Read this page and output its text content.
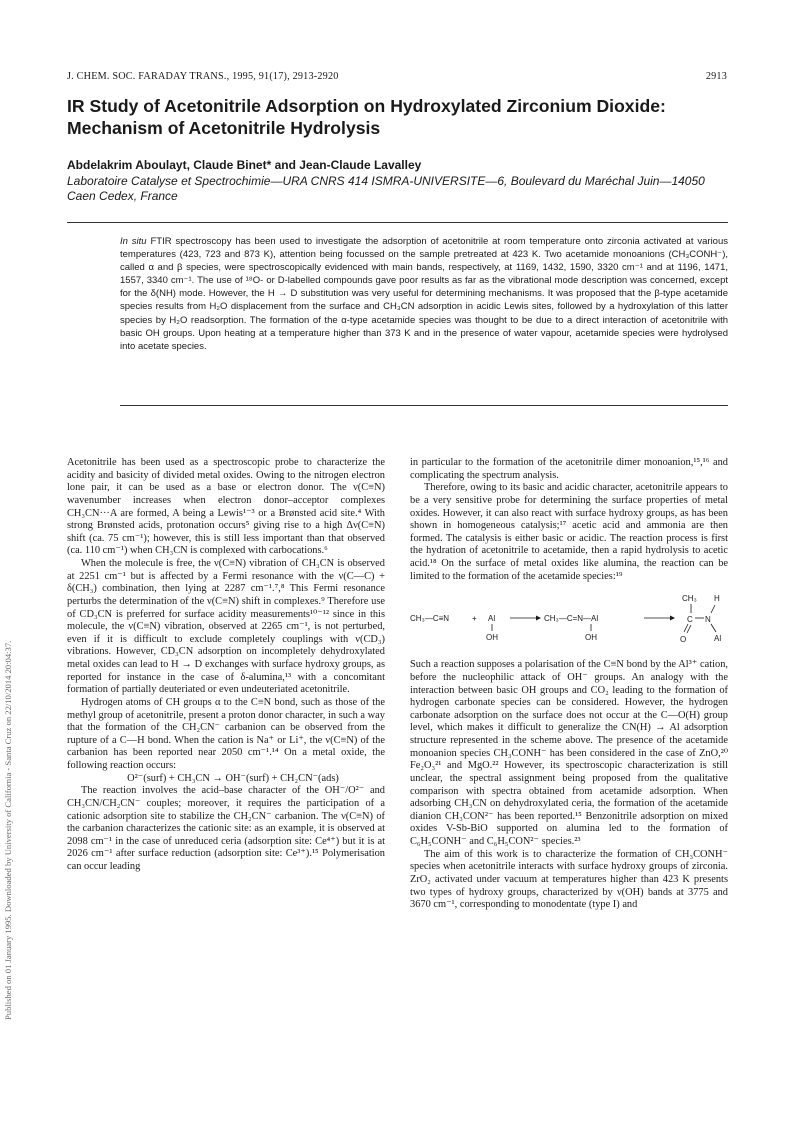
Published on 01 January 1995. Downloaded by University of California - Santa Cruz on 22/10/2014 20:04:37.
J. CHEM. SOC. FARADAY TRANS., 1995, 91(17), 2913-2920	2913
IR Study of Acetonitrile Adsorption on Hydroxylated Zirconium Dioxide: Mechanism of Acetonitrile Hydrolysis
Abdelakrim Aboulayt, Claude Binet* and Jean-Claude Lavalley
Laboratoire Catalyse et Spectrochimie—URA CNRS 414 ISMRA-UNIVERSITE—6, Boulevard du Maréchal Juin—14050 Caen Cedex, France

In situ FTIR spectroscopy has been used to investigate the adsorption of acetonitrile at room temperature onto zirconia activated at various temperatures (423, 723 and 873 K), attention being focussed on the sample pretreated at 423 K. Two acetamide monoanions (CH₃CONH⁻), called α and β species, were spectroscopically evidenced with main bands, respectively, at 1169, 1432, 1590, 3320 cm⁻¹ and at 1196, 1471, 1557, 3340 cm⁻¹. The use of ¹⁸O- or D-labelled compounds gave poor results as far as the vibrational mode description was concerned, except for the δ(NH) mode. However, the H → D substitution was very useful for determining mechanisms. It was proposed that the β-type acetamide species results from H₂O displacement from the surface and CH₃CN adsorption in acidic Lewis sites, followed by a hydroxylation of this latter species by H₂O readsorption. The formation of the α-type acetamide species was thought to be due to a direct interaction of acetonitrile with basic OH groups. Upon heating at a temperature higher than 373 K and in the presence of water vapour, acetamide species were hydrolysed into acetate species.

Acetonitrile has been used as a spectroscopic probe to characterize the acidity and basicity of divided metal oxides. Owing to the nitrogen electron lone pair, it can be used as a base or electron donor. The ν(C≡N) wavenumber increases when electron donor–acceptor complexes CH₃CN···A are formed, A being a Lewis¹⁻³ or a Brønsted acid site.⁴ With strong Brønsted acids, protonation occurs⁵ giving rise to a high Δν(C≡N) shift (ca. 75 cm⁻¹); however, this is still less important than that observed (ca. 110 cm⁻¹) when CH₃CN is complexed with carbocations.⁶

When the molecule is free, the ν(C≡N) vibration of CH₃CN is observed at 2251 cm⁻¹ but is affected by a Fermi resonance with the ν(C—C) + δ(CH₃) combination, then lying at 2287 cm⁻¹.⁷,⁸ This Fermi resonance perturbs the determination of the ν(C≡N) shift in complexes.⁹ Therefore use of CD₃CN is preferred for surface acidity measurements¹⁰⁻¹² since in this molecule, the ν(C≡N) vibration, observed at 2265 cm⁻¹, is not perturbed, even if it is difficult to exclude completely couplings with ν(CD₃) vibrations. However, CD₃CN adsorption on incompletely dehydroxylated metal oxides can lead to H → D exchanges with surface hydroxy groups, as reported for instance in the case of δ-alumina,¹³ with a concomitant formation of partially deuteriated or even undeuteriated acetonitrile.

Hydrogen atoms of CH groups α to the C≡N bond, such as those of the methyl group of acetonitrile, present a proton donor character, in such a way that the formation of the CH₂CN⁻ carbanion can be observed from the rupture of a C—H bond. When the cation is Na⁺ or Li⁺, the ν(C≡N) of the carbanion has been reported near 2050 cm⁻¹.¹⁴ On a metal oxide, the following reaction occurs:

O²⁻(surf) + CH₃CN → OH⁻(surf) + CH₂CN⁻(ads)

The reaction involves the acid–base character of the OH⁻/O²⁻ and CH₃CN/CH₂CN⁻ couples; moreover, it requires the participation of a cationic adsorption site to stabilize the CH₂CN⁻ carbanion. The ν(C≡N) of the carbanion characterizes the cationic site: as an example, it is observed at 2098 cm⁻¹ in the case of unreduced ceria (adsorption site: Ce⁴⁺) but it is at 2026 cm⁻¹ after surface reduction (adsorption site: Ce³⁺).¹⁵ Polymerisation can occur leading

in particular to the formation of the acetonitrile dimer monoanion,¹⁵,¹⁶ and complicating the spectrum analysis.

Therefore, owing to its basic and acidic character, acetonitrile appears to be a very sensitive probe for determining the surface properties of metal oxides. However, it can also react with surface hydroxy groups, as has been shown in homogeneous catalysis;¹⁷ acetic acid and ammonia are then formed. The catalysis is either basic or acidic. The reaction process is first the hydration of acetonitrile to acetamide, then a rapid hydrolysis to acetic acid.¹⁸ On the surface of metal oxides like alumina, the reaction can be limited to the formation of the acetamide species:¹⁹

CH₃—C≡N	+ Al
OH
CH₃—C=N—Al
OH
CH₃
C N
H
Al
O

Such a reaction supposes a polarisation of the C≡N bond by the Al³⁺ cation, before the nucleophilic attack of OH⁻ groups. An analogy with the interaction between basic OH groups and CO₂ leading to the formation of hydrogen carbonate species can be considered. However, the hydrogen carbonate adsorption on the surface does not occur at the C—O(H) group level, which makes it difficult to generalize the CN(H) → Al adsorption structure represented in the scheme above. The presence of the acetamide monoanion species CH₃CONH⁻ has been considered in the case of ZnO,²⁰ Fe₂O₃²¹ and MgO.²² However, its spectroscopic characterization is still unclear, the spectral assignment being proposed from the qualitative comparison with spectra obtained from acetamide adsorption. When adsorbing CH₃CN on dehydroxylated ceria, the formation of the acetamide dianion CH₃CON²⁻ has been reported.¹⁵ Benzonitrile adsorption on mixed oxides V-Sb-BiO supported on alumina led to the formation of C₆H₅CONH⁻ and C₆H₅CON²⁻ species.²³

The aim of this work is to characterize the formation of CH₃CONH⁻ species when acetonitrile interacts with surface hydroxy groups of zirconia. ZrO₂ activated under vacuum at temperatures higher than 423 K presents two types of hydroxy groups, characterized by ν(OH) bands at 3775 and 3670 cm⁻¹, corresponding to monodentate (type I) and
